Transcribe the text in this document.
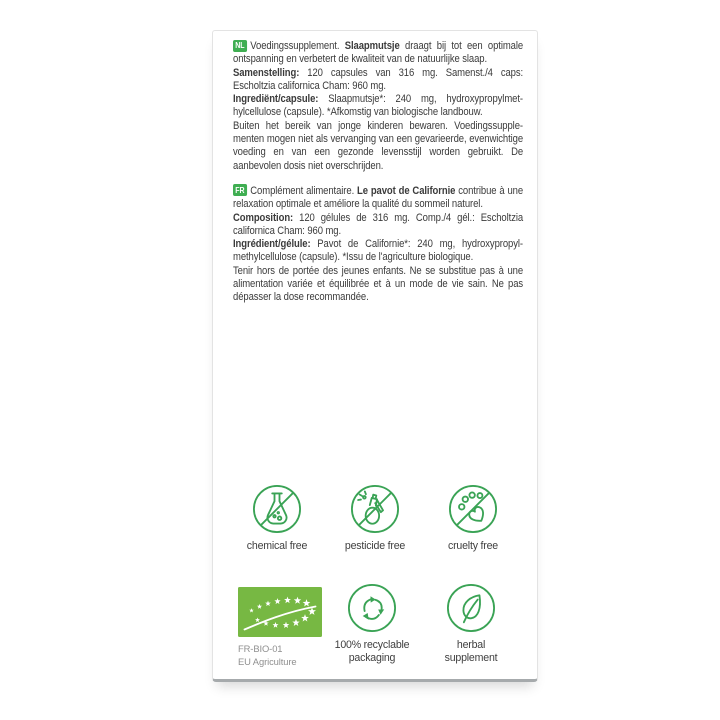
NL Voedingssupplement. Slaapmutsje draagt bij tot een optimale ontspanning en verbetert de kwaliteit van de natuurlijke slaap.

Samenstelling: 120 capsules van 316 mg. Samenst./4 caps: Escholtzia californica Cham: 960 mg.

Ingrediënt/capsule: Slaapmutsje*: 240 mg, hydroxypropylmethylcellulose (capsule). *Afkomstig van biologische landbouw.

Buiten het bereik van jonge kinderen bewaren. Voedingssupplementen mogen niet als vervanging van een gevarieerde, evenwichtige voeding en van een gezonde levensstijl worden gebruikt. De aanbevolen dosis niet overschrijden.

FR Complément alimentaire. Le pavot de Californie contribue à une relaxation optimale et améliore la qualité du sommeil naturel.

Composition: 120 gélules de 316 mg. Comp./4 gél.: Escholtzia californica Cham: 960 mg.

Ingrédient/gélule: Pavot de Californie*: 240 mg, hydroxypropylmethylcellulose (capsule). *Issu de l'agriculture biologique.

Tenir hors de portée des jeunes enfants. Ne se substitue pas à une alimentation variée et équilibrée et à un mode de vie sain. Ne pas dépasser la dose recommandée.

chemical free	pesticide free	cruelty free
FR-BIO-01
EU Agriculture
100% recyclable
packaging
herbal
supplement
